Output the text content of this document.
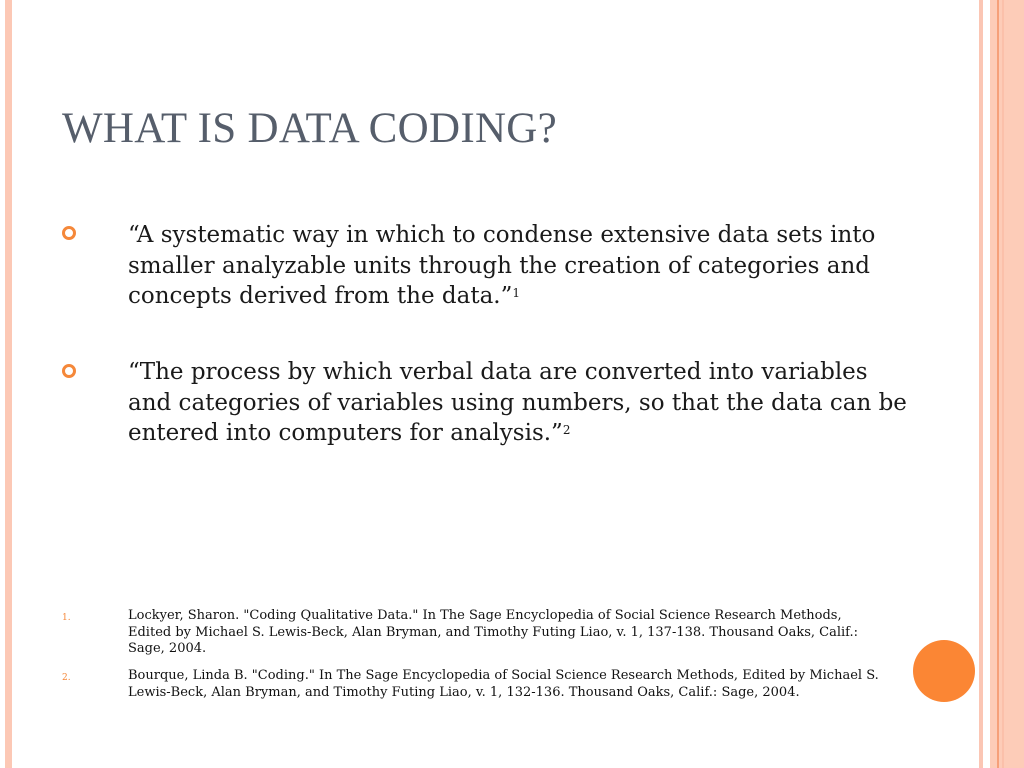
WHAT IS DATA CODING?
“A systematic way in which to condense extensive data sets into smaller analyzable units through the creation of categories and concepts derived from the data.”$^1$
“The process by which verbal data are converted into variables and categories of variables using numbers, so that the data can be entered into computers for analysis.”$^2$
1.	Lockyer, Sharon. "Coding Qualitative Data." In The Sage Encyclopedia of Social Science Research Methods, Edited by Michael S. Lewis-Beck, Alan Bryman, and Timothy Futing Liao, v. 1, 137-138. Thousand Oaks, Calif.: Sage, 2004.
2.	Bourque, Linda B. "Coding." In The Sage Encyclopedia of Social Science Research Methods, Edited by Michael S. Lewis-Beck, Alan Bryman, and Timothy Futing Liao, v. 1, 132-136. Thousand Oaks, Calif.: Sage, 2004.
